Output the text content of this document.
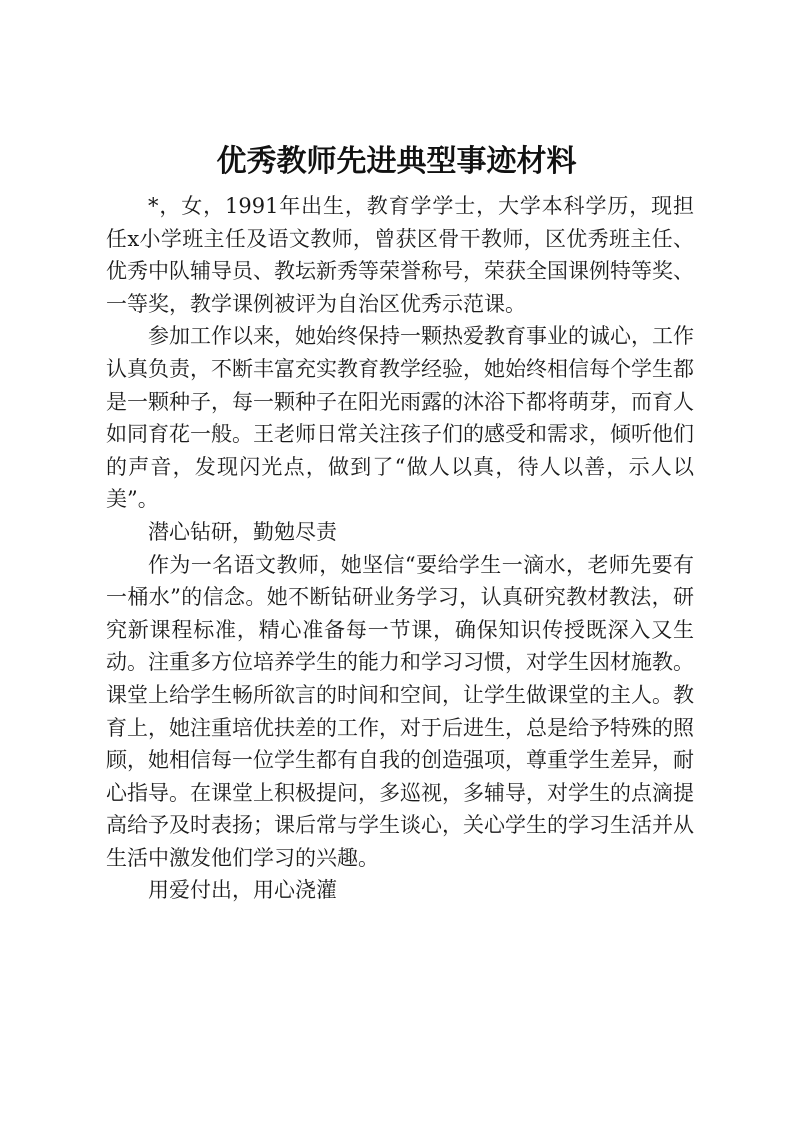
优秀教师先进典型事迹材料

*，女，1991年出生，教育学学士，大学本科学历，现担任x小学班主任及语文教师，曾获区骨干教师，区优秀班主任、优秀中队辅导员、教坛新秀等荣誉称号，荣获全国课例特等奖、一等奖，教学课例被评为自治区优秀示范课。

参加工作以来，她始终保持一颗热爱教育事业的诚心，工作认真负责，不断丰富充实教育教学经验，她始终相信每个学生都是一颗种子，每一颗种子在阳光雨露的沐浴下都将萌芽，而育人如同育花一般。王老师日常关注孩子们的感受和需求，倾听他们的声音，发现闪光点，做到了“做人以真，待人以善，示人以美”。

潜心钻研，勤勉尽责

作为一名语文教师，她坚信“要给学生一滴水，老师先要有一桶水”的信念。她不断钻研业务学习，认真研究教材教法，研究新课程标准，精心准备每一节课，确保知识传授既深入又生动。注重多方位培养学生的能力和学习习惯，对学生因材施教。课堂上给学生畅所欲言的时间和空间，让学生做课堂的主人。教育上，她注重培优扶差的工作，对于后进生，总是给予特殊的照顾，她相信每一位学生都有自我的创造强项，尊重学生差异，耐心指导。在课堂上积极提问，多巡视，多辅导，对学生的点滴提高给予及时表扬；课后常与学生谈心，关心学生的学习生活并从生活中激发他们学习的兴趣。

用爱付出，用心浇灌
